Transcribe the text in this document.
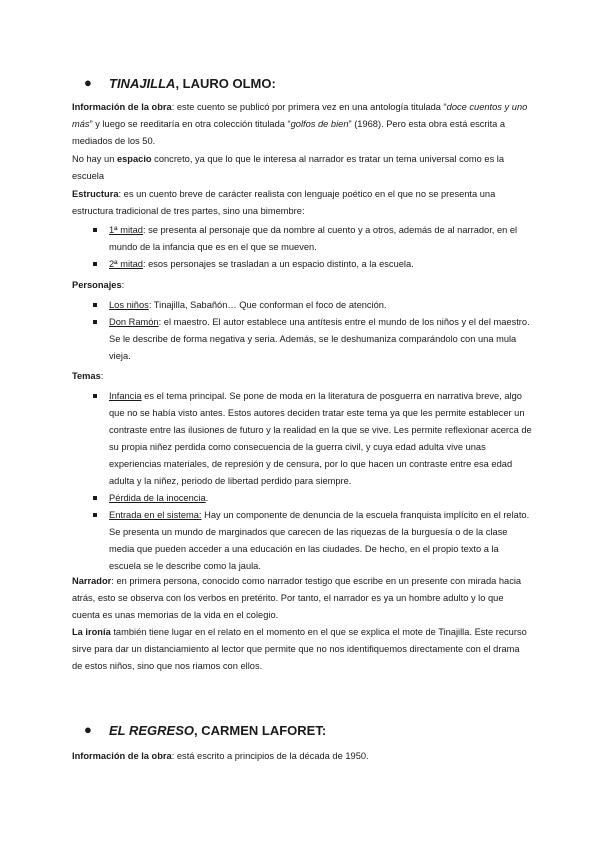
● TINAJILLA, LAURO OLMO:
Información de la obra: este cuento se publicó por primera vez en una antología titulada “doce cuentos y uno más” y luego se reeditaría en otra colección titulada “golfos de bien” (1968). Pero esta obra está escrita a mediados de los 50.
No hay un espacio concreto, ya que lo que le interesa al narrador es tratar un tema universal como es la escuela
Estructura: es un cuento breve de carácter realista con lenguaje poético en el que no se presenta una estructura tradicional de tres partes, sino una bimembre:
1ª mitad: se presenta al personaje que da nombre al cuento y a otros, además de al narrador, en el mundo de la infancia que es en el que se mueven.
2ª mitad: esos personajes se trasladan a un espacio distinto, a la escuela.
Personajes:
Los niños: Tinajilla, Sabañón… Que conforman el foco de atención.
Don Ramón: el maestro. El autor establece una antítesis entre el mundo de los niños y el del maestro. Se le describe de forma negativa y seria. Además, se le deshumaniza comparándolo con una mula vieja.
Temas:
Infancia es el tema principal. Se pone de moda en la literatura de posguerra en narrativa breve, algo que no se había visto antes. Estos autores deciden tratar este tema ya que les permite establecer un contraste entre las ilusiones de futuro y la realidad en la que se vive. Les permite reflexionar acerca de su propia niñez perdida como consecuencia de la guerra civil, y cuya edad adulta vive unas experiencias materiales, de represión y de censura, por lo que hacen un contraste entre esa edad adulta y la niñez, periodo de libertad perdido para siempre.
Pérdida de la inocencia.
Entrada en el sistema: Hay un componente de denuncia de la escuela franquista implícito en el relato. Se presenta un mundo de marginados que carecen de las riquezas de la burguesía o de la clase media que pueden acceder a una educación en las ciudades. De hecho, en el propio texto a la escuela se le describe como la jaula.
Narrador: en primera persona, conocido como narrador testigo que escribe en un presente con mirada hacia atrás, esto se observa con los verbos en pretérito. Por tanto, el narrador es ya un hombre adulto y lo que cuenta es unas memorias de la vida en el colegio.
La ironía también tiene lugar en el relato en el momento en el que se explica el mote de Tinajilla. Este recurso sirve para dar un distanciamiento al lector que permite que no nos identifiquemos directamente con el drama de estos niños, sino que nos riamos con ellos.
● EL REGRESO, CARMEN LAFORET:
Información de la obra: está escrito a principios de la década de 1950.
